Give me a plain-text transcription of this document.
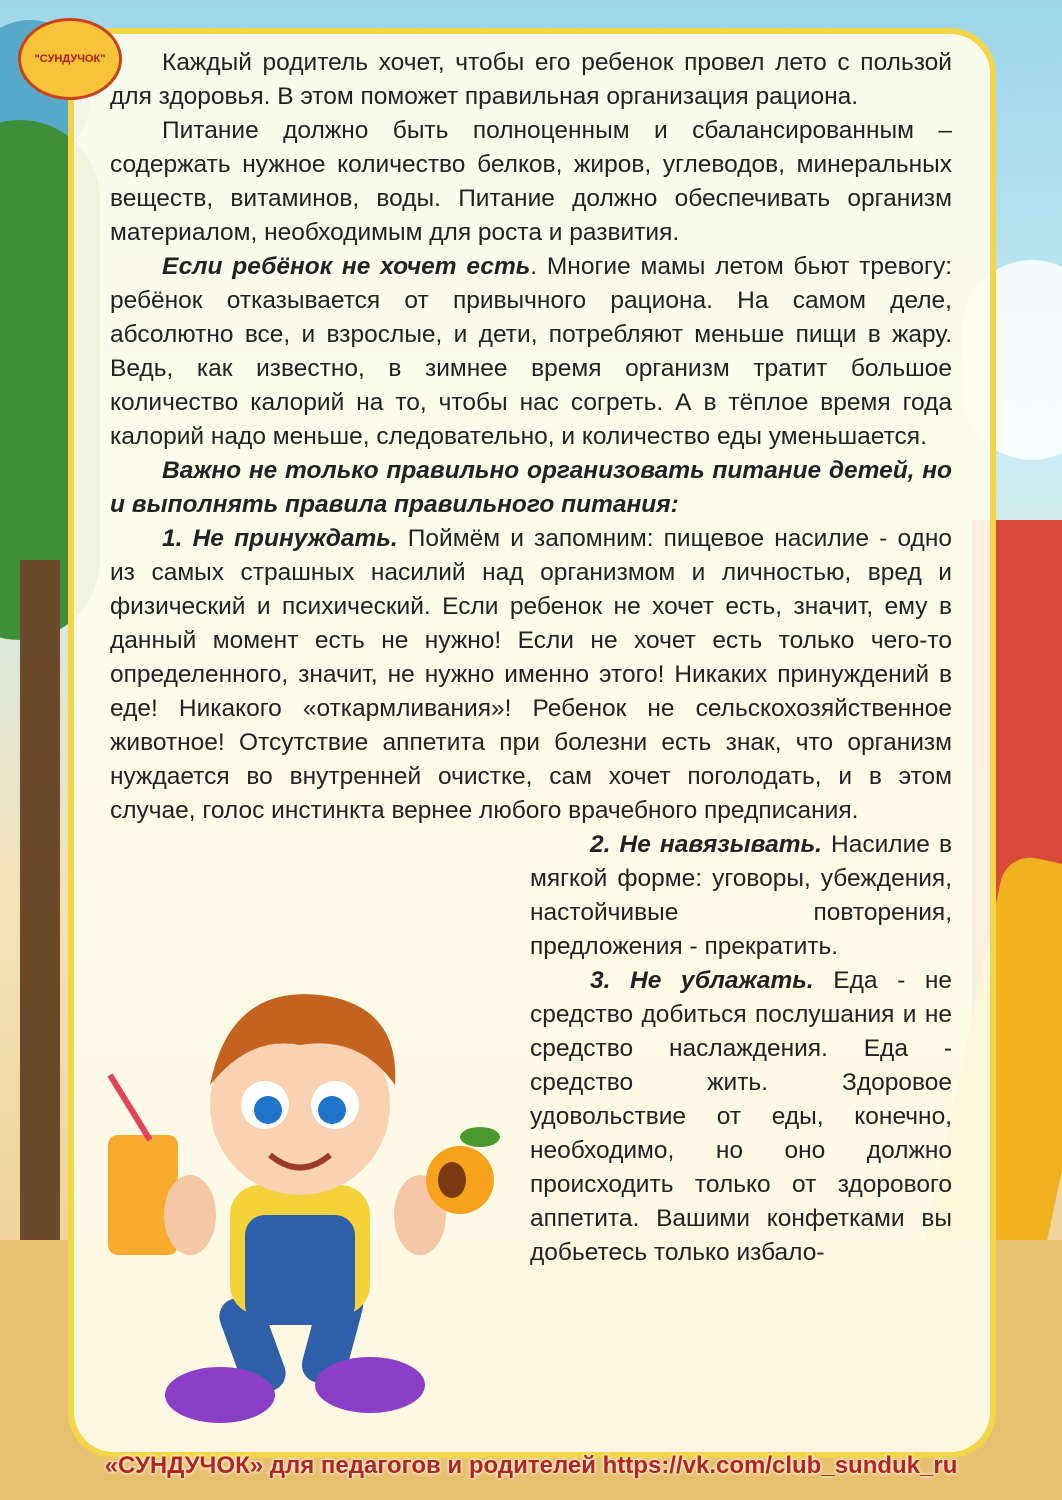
"СУНДУЧОК"	Каждый родитель хочет, чтобы его ребенок провел лето с пользой для здоровья. В этом поможет правильная организация рациона.

Питание должно быть полноценным и сбалансированным – содержать нужное количество белков, жиров, углеводов, минеральных веществ, витаминов, воды. Питание должно обеспечивать организм материалом, необходимым для роста и развития.

Если ребёнок не хочет есть. Многие мамы летом бьют тревогу: ребёнок отказывается от привычного рациона. На самом деле, абсолютно все, и взрослые, и дети, потребляют меньше пищи в жару. Ведь, как известно, в зимнее время организм тратит большое количество калорий на то, чтобы нас согреть. А в тёплое время года калорий надо меньше, следовательно, и количество еды уменьшается.

Важно не только правильно организовать питание детей, но и выполнять правила правильного питания:

1. Не принуждать. Поймём и запомним: пищевое насилие - одно из самых страшных насилий над организмом и личностью, вред и физический и психический. Если ребенок не хочет есть, значит, ему в данный момент есть не нужно! Если не хочет есть только чего-то определенного, значит, не нужно именно этого! Никаких принуждений в еде! Никакого «откармливания»! Ребенок не сельскохозяйственное животное! Отсутствие аппетита при болезни есть знак, что организм нуждается во внутренней очистке, сам хочет поголодать, и в этом случае, голос инстинкта вернее любого врачебного предписания.

2. Не навязывать. Насилие в мягкой форме: уговоры, убеждения, настойчивые повторения, предложения - прекратить.

3. Не ублажать. Еда - не средство добиться послушания и не средство наслаждения. Еда - средство жить. Здоровое удовольствие от еды, конечно, необходимо, но оно должно происходить только от здорового аппетита. Вашими конфетками вы добьетесь только избало-

«СУНДУЧОК» для педагогов и родителей https://vk.com/club_sunduk_ru
